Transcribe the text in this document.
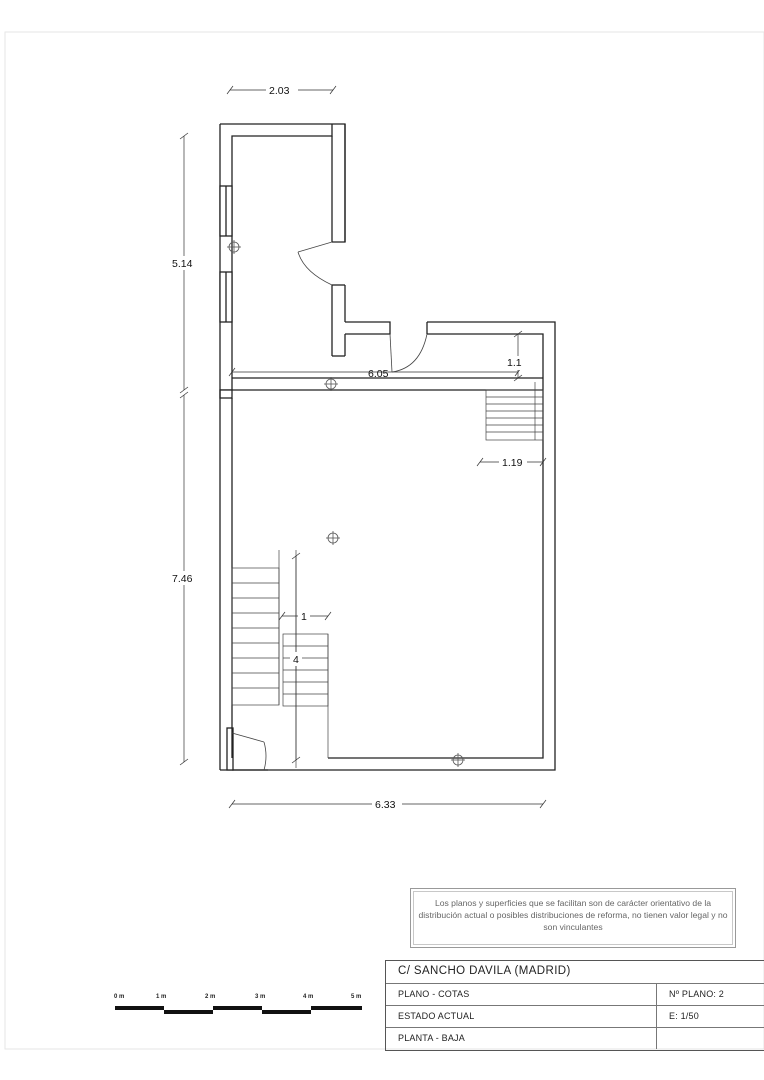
2.03
5.14
6.05
1.1
1.19
7.46
1
4
6.33
0 m	1 m	2 m	3 m	4 m	5 m
Los planos y superficies que se facilitan son de carácter orientativo de la distribución actual o posibles distribuciones de reforma, no tienen valor legal y no son vinculantes
C/ SANCHO DAVILA (MADRID)
PLANO - COTAS	Nº PLANO: 2
ESTADO ACTUAL	E: 1/50
PLANTA - BAJA
